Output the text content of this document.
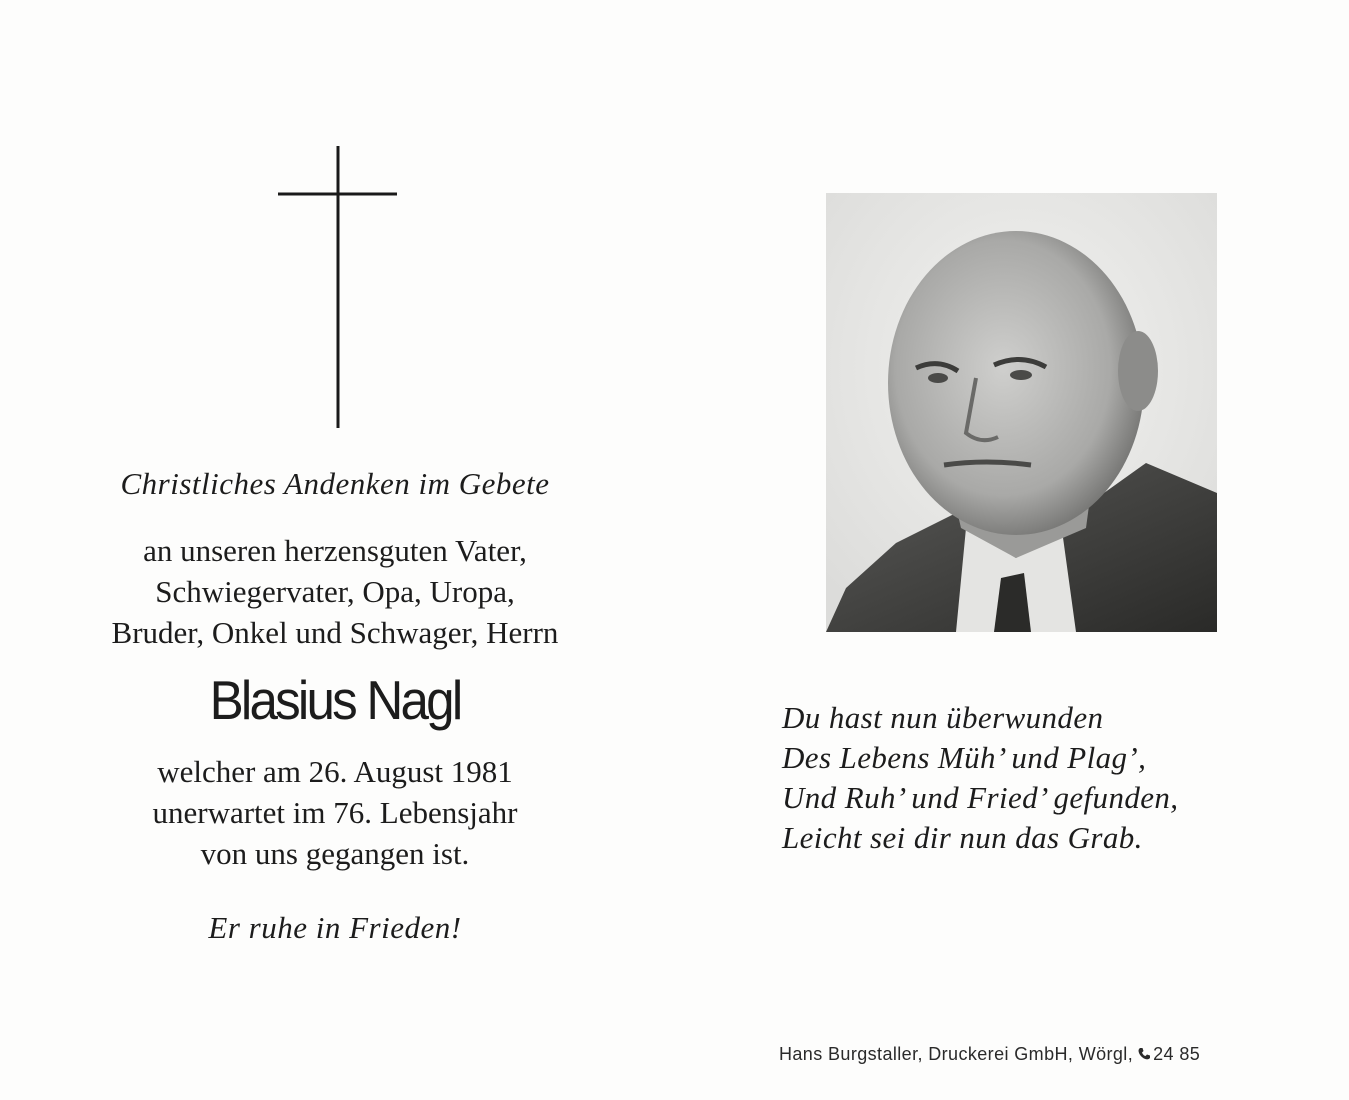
Christliches Andenken im Gebete
an unseren herzensguten Vater,
Schwiegervater, Opa, Uropa,
Bruder, Onkel und Schwager, Herrn
Blasius Nagl
welcher am 26. August 1981
unerwartet im 76. Lebensjahr
von uns gegangen ist.
Er ruhe in Frieden!
Du hast nun überwunden
Des Lebens Müh’ und Plag’,
Und Ruh’ und Fried’ gefunden,
Leicht sei dir nun das Grab.
Hans Burgstaller, Druckerei GmbH, Wörgl, 24 85
